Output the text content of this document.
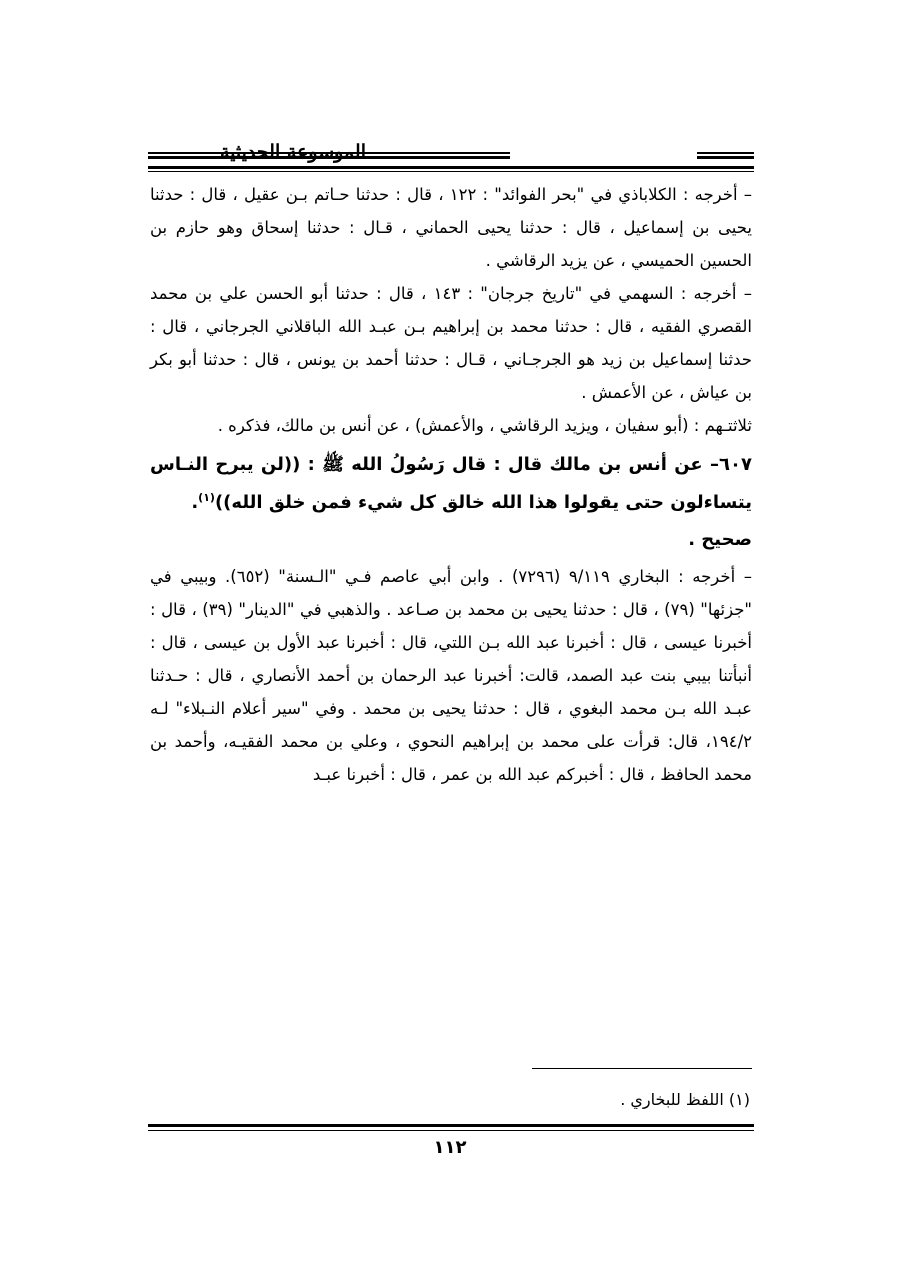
الموسوعة الحديثية

– أخرجه : الكلاباذي في "بحر الفوائد" : ١٢٢ ، قال : حدثنا حـاتم بـن عقيل ، قال : حدثنا يحيى بن إسماعيل ، قال : حدثنا يحيى الحماني ، قـال : حدثنا إسحاق وهو حازم بن الحسين الحميسي ، عن يزيد الرقاشي .

– أخرجه : السهمي في "تاريخ جرجان" : ١٤٣ ، قال : حدثنا أبو الحسن علي بن محمد القصري الفقيه ، قال : حدثنا محمد بن إبراهيم بـن عبـد الله الباقلاني الجرجاني ، قال : حدثنا إسماعيل بن زيد هو الجرجـاني ، قـال : حدثنا أحمد بن يونس ، قال : حدثنا أبو بكر بن عياش ، عن الأعمش .

ثلاثتـهم : (أبو سفيان ، ويزيد الرقاشي ، والأعمش) ، عن أنس بن مالك، فذكره .

٦٠٧– عن أنس بن مالك قال : قال رَسُولُ الله ﷺ : ((لن يبرح النـاس يتساءلون حتى يقولوا هذا الله خالق كل شيء فمن خلق الله))$^{(١)}$.

صحيح .

– أخرجه : البخاري ٩/١١٩ (٧٢٩٦) . وابن أبي عاصم فـي "الـسنة" (٦٥٢). وبيبي في "جزئها" (٧٩) ، قال : حدثنا يحيى بن محمد بن صـاعد . والذهبي في "الدينار" (٣٩) ، قال : أخبرنا عيسى ، قال : أخبرنا عبد الله بـن اللتي، قال : أخبرنا عبد الأول بن عيسى ، قال : أنبأتنا بيبي بنت عبد الصمد، قالت: أخبرنا عبد الرحمان بن أحمد الأنصاري ، قال : حـدثنا عبـد الله بـن محمد البغوي ، قال : حدثنا يحيى بن محمد . وفي "سير أعلام النـبلاء" لـه ١٩٤/٢، قال: قرأت على محمد بن إبراهيم النحوي ، وعلي بن محمد الفقيـه، وأحمد بن محمد الحافظ ، قال : أخبركم عبد الله بن عمر ، قال : أخبرنا عبـد

(١) اللفظ للبخاري .
١١٢
